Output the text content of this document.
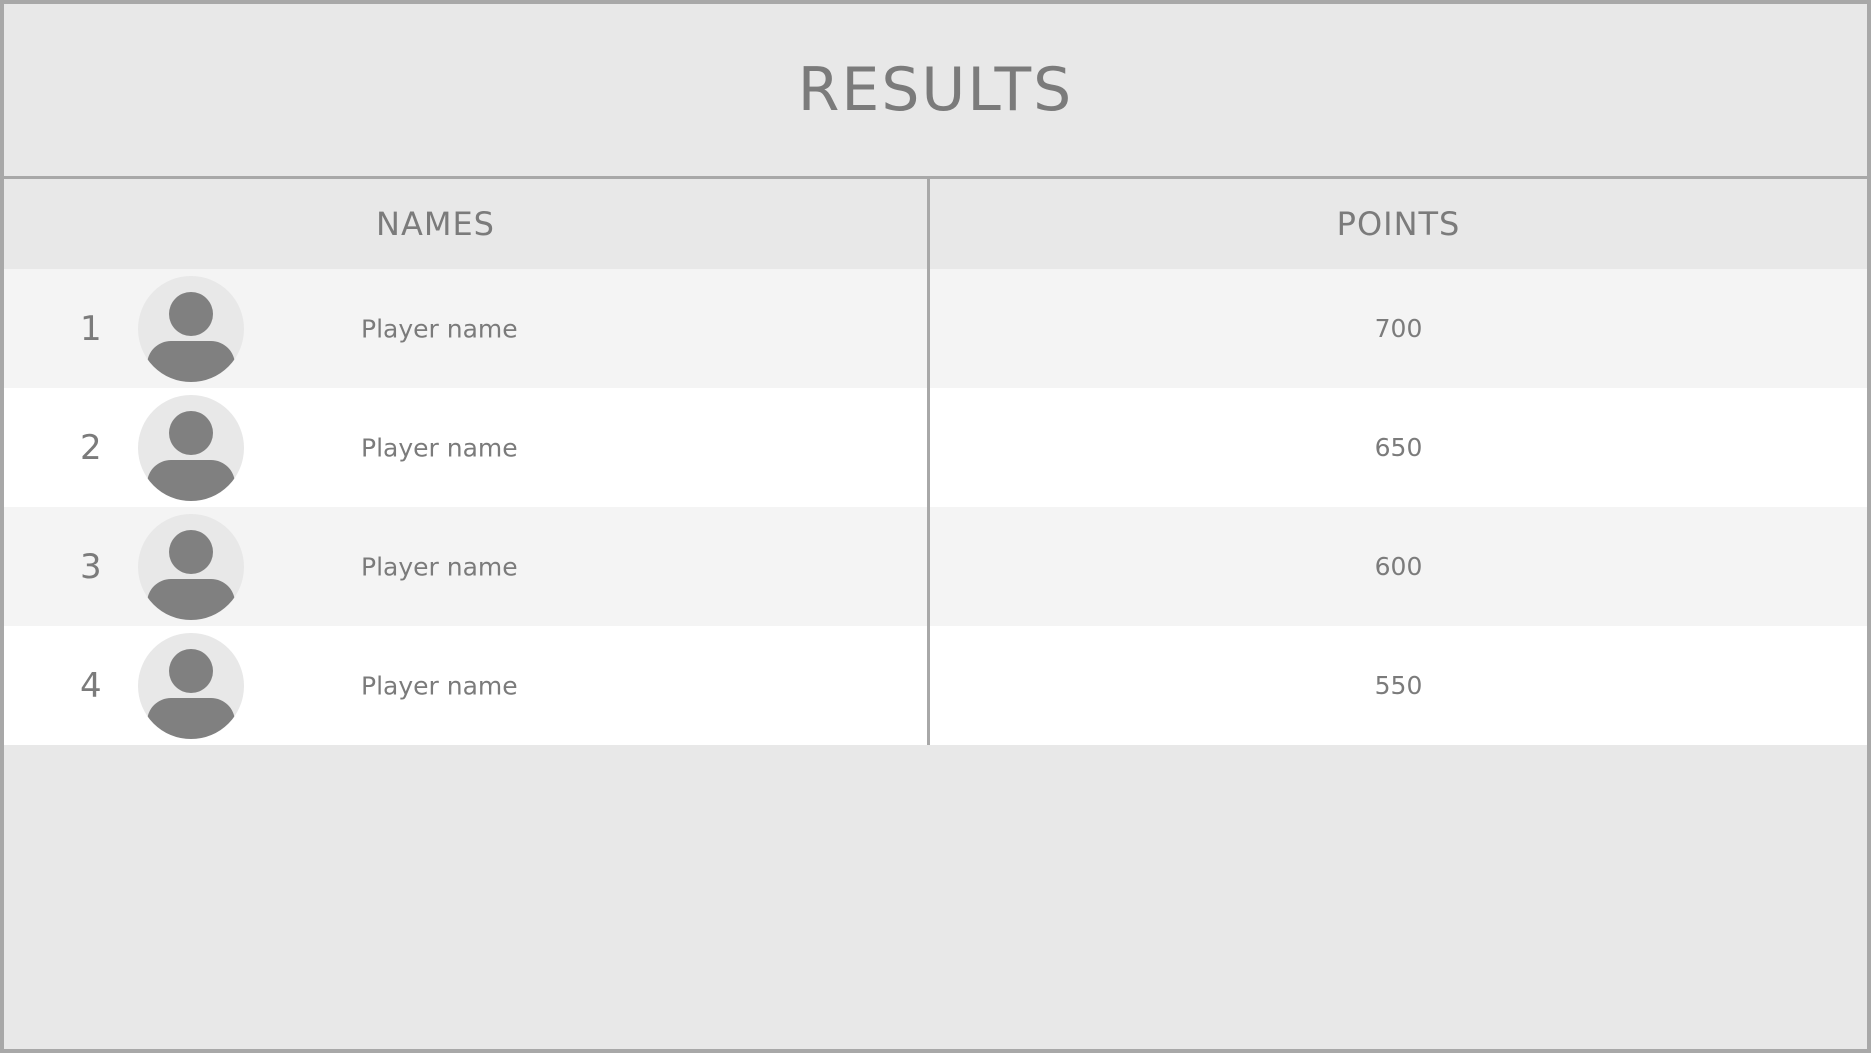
RESULTS
NAMES	POINTS
1	Player name	700
2	Player name	650
3	Player name	600
4	Player name	550
